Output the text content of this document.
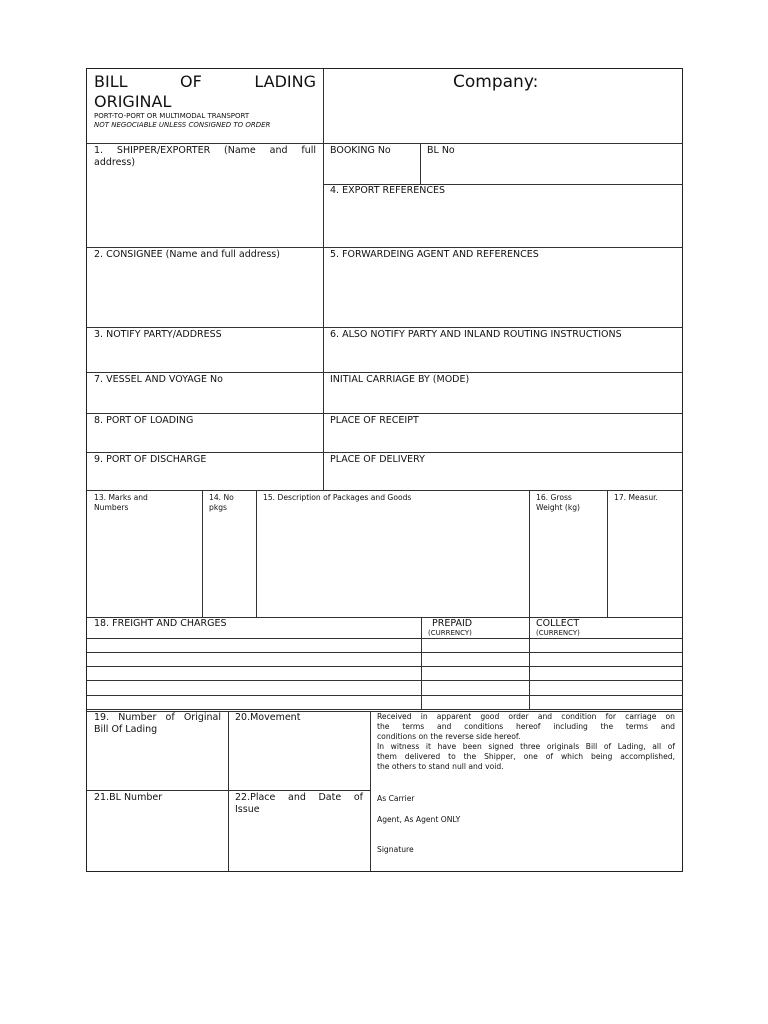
BILL OF LADING
ORIGINAL
PORT-TO-PORT OR MULTIMODAL TRANSPORT
NOT NEGOCIABLE UNLESS CONSIGNED TO ORDER
Company:
1. SHIPPER/EXPORTER (Name and full
address)
BOOKING No	BL No
4. EXPORT REFERENCES
2. CONSIGNEE (Name and full address)	5. FORWARDEING AGENT AND REFERENCES
3. NOTIFY PARTY/ADDRESS	6. ALSO NOTIFY PARTY AND INLAND ROUTING INSTRUCTIONS
7. VESSEL AND VOYAGE No	INITIAL CARRIAGE BY (MODE)
8. PORT OF LOADING	PLACE OF RECEIPT
9. PORT OF DISCHARGE	PLACE OF DELIVERY
13. Marks and
Numbers
14. No
pkgs
15. Description of Packages and Goods	16. Gross
Weight (kg)
17. Measur.
18. FREIGHT AND CHARGES	PREPAID
(CURRENCY)
COLLECT
(CURRENCY)
19. Number of Original
Bill Of Lading
20.Movement	Received in apparent good order and condition for carriage on
the terms and conditions hereof including the terms and
conditions on the reverse side hereof.
In witness it have been signed three originals Bill of Lading, all of
them delivered to the Shipper, one of which being accomplished,
the others to stand null and void.
21.BL Number	22.Place and Date of
Issue
As Carrier
Agent, As Agent ONLY
Signature
